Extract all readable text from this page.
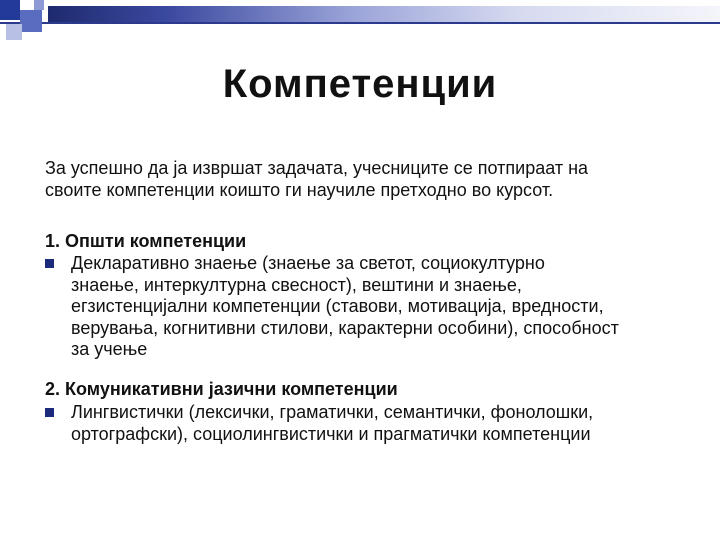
Компетенции

За успешно да ја извршат задачата, учесниците се потпираат на
своите компетенции коишто ги научиле претходно во курсот.

1. Општи компетенции

Декларативно знаење (знаење за светот, социокултурно
знаење, интеркултурна свесност), вештини и знаење,
егзистенцијални компетенции (ставови, мотивација, вредности,
верувања, когнитивни стилови, карактерни особини), способност
за учење

2. Комуникативни јазични компетенции

Лингвистички (лексички, граматички, семантички, фонолошки,
ортографски), социолингвистички и прагматички компетенции
